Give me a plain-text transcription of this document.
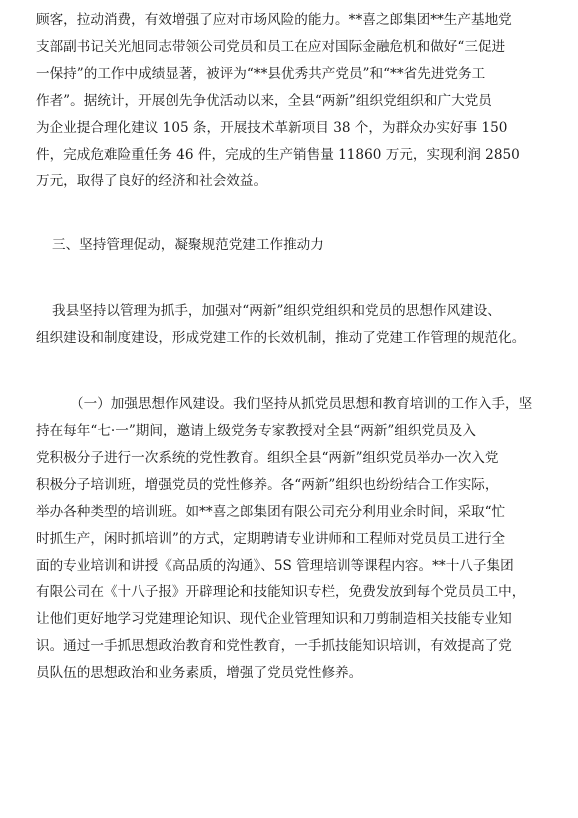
顾客，拉动消费，有效增强了应对市场风险的能力。**喜之郎集团**生产基地党
支部副书记关光旭同志带领公司党员和员工在应对国际金融危机和做好“三促进
一保持”的工作中成绩显著，被评为“**县优秀共产党员”和“**省先进党务工
作者”。据统计，开展创先争优活动以来，全县“两新”组织党组织和广大党员
为企业提合理化建议 105 条，开展技术革新项目 38 个，为群众办实好事 150
件，完成危难险重任务 46 件，完成的生产销售量 11860 万元，实现利润 2850
万元，取得了良好的经济和社会效益。
三、坚持管理促动，凝聚规范党建工作推动力
我县坚持以管理为抓手，加强对“两新”组织党组织和党员的思想作风建设、
组织建设和制度建设，形成党建工作的长效机制，推动了党建工作管理的规范化。
（一）加强思想作风建设。我们坚持从抓党员思想和教育培训的工作入手，坚
持在每年“七·一”期间，邀请上级党务专家教授对全县“两新”组织党员及入
党积极分子进行一次系统的党性教育。组织全县“两新”组织党员举办一次入党
积极分子培训班，增强党员的党性修养。各“两新”组织也纷纷结合工作实际，
举办各种类型的培训班。如**喜之郎集团有限公司充分利用业余时间，采取“忙
时抓生产，闲时抓培训”的方式，定期聘请专业讲师和工程师对党员员工进行全
面的专业培训和讲授《高品质的沟通》、5S 管理培训等课程内容。**十八子集团
有限公司在《十八子报》开辟理论和技能知识专栏，免费发放到每个党员员工中，
让他们更好地学习党建理论知识、现代企业管理知识和刀剪制造相关技能专业知
识。通过一手抓思想政治教育和党性教育，一手抓技能知识培训，有效提高了党
员队伍的思想政治和业务素质，增强了党员党性修养。
